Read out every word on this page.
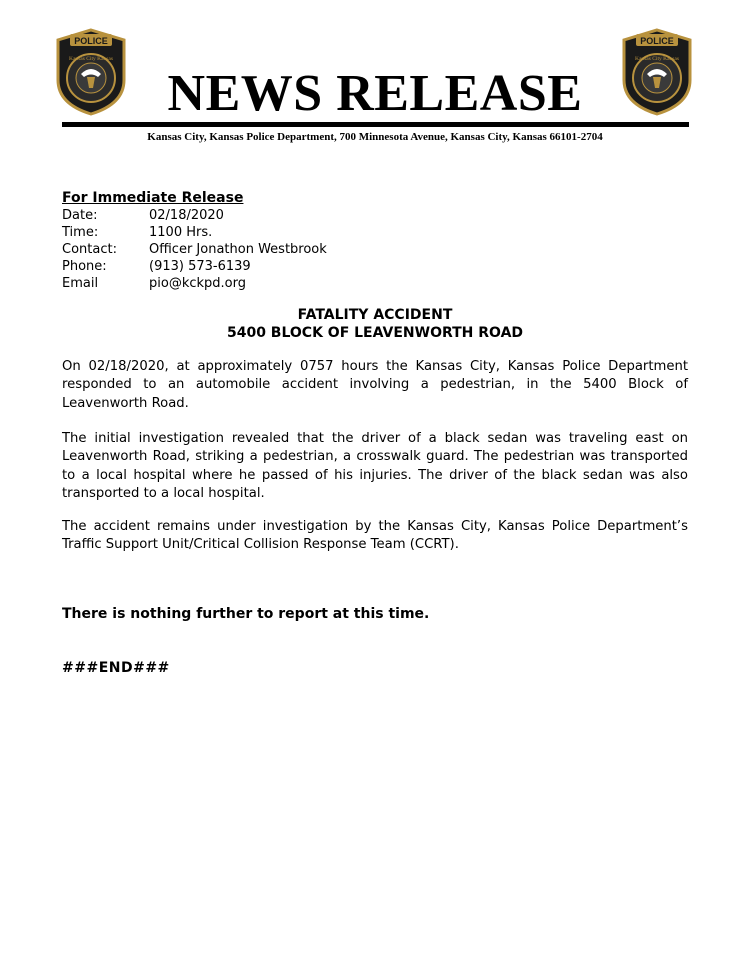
POLICE
Kansas City Kansas
POLICE
Kansas City Kansas
NEWS RELEASE
Kansas City, Kansas Police Department, 700 Minnesota Avenue, Kansas City, Kansas 66101-2704
For Immediate Release
Date:	02/18/2020
Time:	1100 Hrs.
Contact:	Officer Jonathon Westbrook
Phone:	(913) 573-6139
Email	pio@kckpd.org
FATALITY ACCIDENT
5400 BLOCK OF LEAVENWORTH ROAD

On 02/18/2020, at approximately 0757 hours the Kansas City, Kansas Police Department responded to an automobile accident involving a pedestrian, in the 5400 Block of Leavenworth Road.

The initial investigation revealed that the driver of a black sedan was traveling east on Leavenworth Road, striking a pedestrian, a crosswalk guard. The pedestrian was transported to a local hospital where he passed of his injuries. The driver of the black sedan was also transported to a local hospital.

The accident remains under investigation by the Kansas City, Kansas Police Department’s Traffic Support Unit/Critical Collision Response Team (CCRT).

There is nothing further to report at this time.
###END###
